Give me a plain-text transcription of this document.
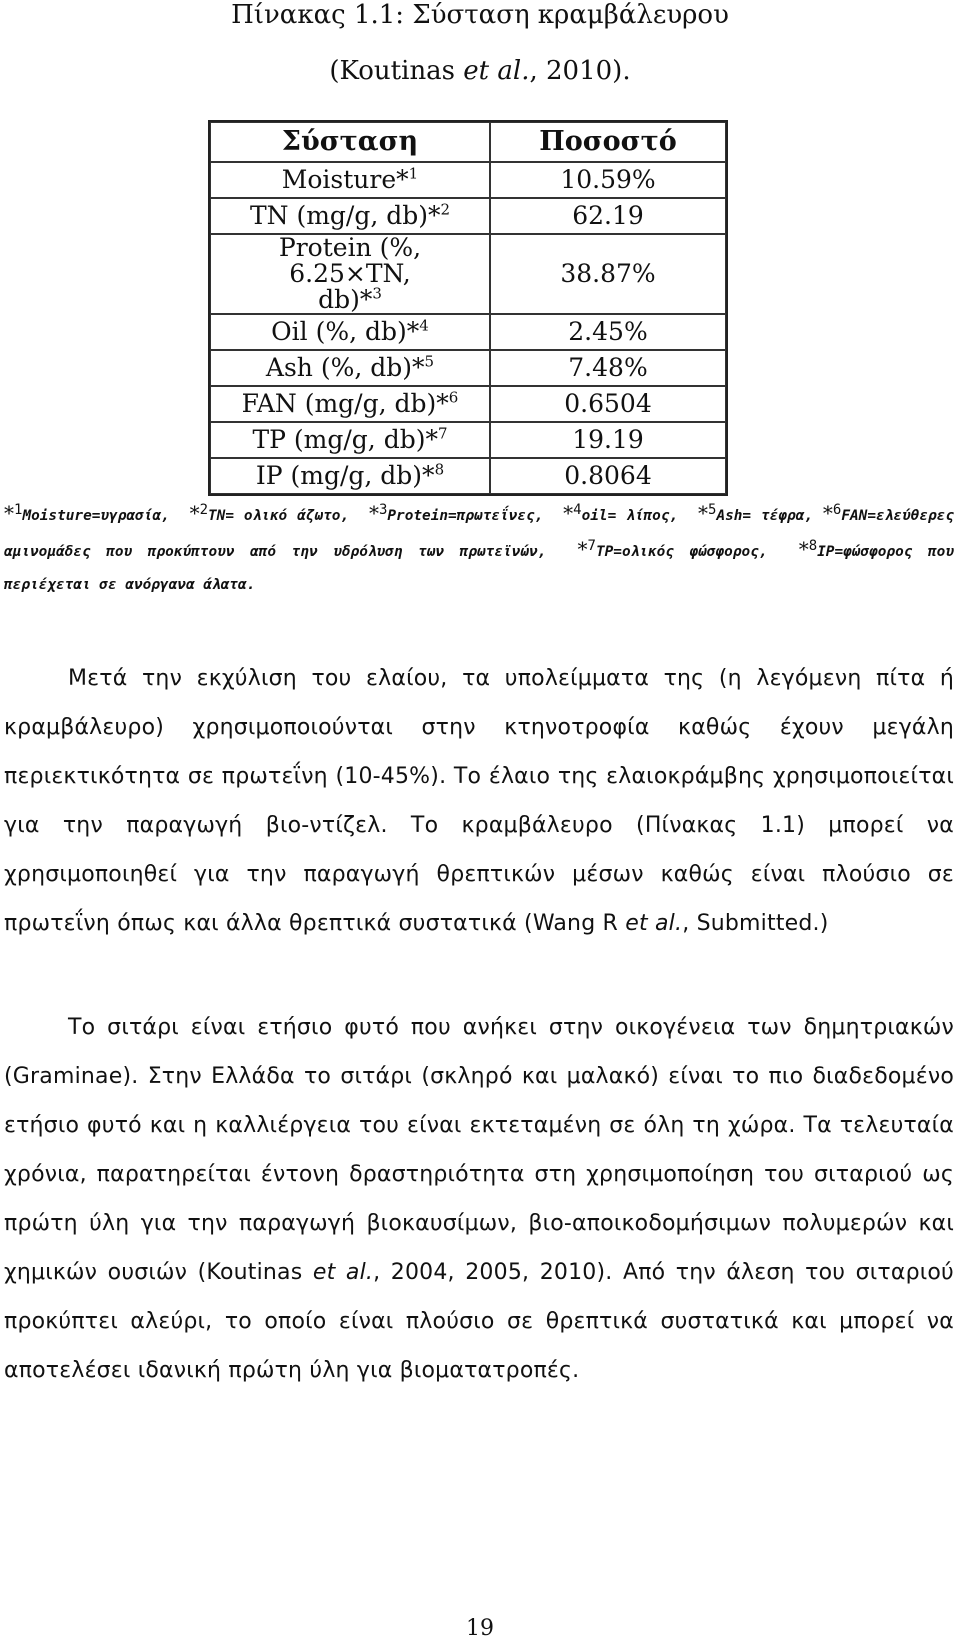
Πίνακας 1.1: Σύσταση κραμβάλευρου
(Koutinas et al., 2010).
Σύσταση	Ποσοστό
Moisture*$^1$	10.59%
TN (mg/g, db)*$^2$	62.19
Protein (%, 6.25×TN,
db)*$^3$	38.87%
Oil (%, db)*$^4$	2.45%
Ash (%, db)*$^5$	7.48%
FAN (mg/g, db)*$^6$	0.6504
TP (mg/g, db)*$^7$	19.19
IP (mg/g, db)*$^8$	0.8064
*$^1$Moisture=υγρασία, *$^2$TN= ολικό άζωτο, *$^3$Protein=πρωτεΐνες, *$^4$oil= λίπος, *$^5$Ash= τέφρα, *$^6$FAN=ελεύθερες αμινομάδες που προκύπτουν από την υδρόλυση των πρωτεϊνών, *$^7$TP=ολικός φώσφορος, *$^8$IP=φώσφορος που περιέχεται σε ανόργανα άλατα.

Μετά την εκχύλιση του ελαίου, τα υπολείμματα της (η λεγόμενη πίτα ή κραμβάλευρο) χρησιμοποιούνται στην κτηνοτροφία καθώς έχουν μεγάλη περιεκτικότητα σε πρωτεΐνη (10-45%). Το έλαιο της ελαιοκράμβης χρησιμοποιείται για την παραγωγή βιο-ντίζελ. Το κραμβάλευρο (Πίνακας 1.1) μπορεί να χρησιμοποιηθεί για την παραγωγή θρεπτικών μέσων καθώς είναι πλούσιο σε πρωτεΐνη όπως και άλλα θρεπτικά συστατικά (Wang R et al., Submitted.)

Το σιτάρι είναι ετήσιο φυτό που ανήκει στην οικογένεια των δημητριακών (Graminae). Στην Ελλάδα το σιτάρι (σκληρό και μαλακό) είναι το πιο διαδεδομένο ετήσιο φυτό και η καλλιέργεια του είναι εκτεταμένη σε όλη τη χώρα. Τα τελευταία χρόνια, παρατηρείται έντονη δραστηριότητα στη χρησιμοποίηση του σιταριού ως πρώτη ύλη για την παραγωγή βιοκαυσίμων, βιο-αποικοδομήσιμων πολυμερών και χημικών ουσιών (Koutinas et al., 2004, 2005, 2010). Από την άλεση του σιταριού προκύπτει αλεύρι, το οποίο είναι πλούσιο σε θρεπτικά συστατικά και μπορεί να αποτελέσει ιδανική πρώτη ύλη για βιοματατροπές.

19
